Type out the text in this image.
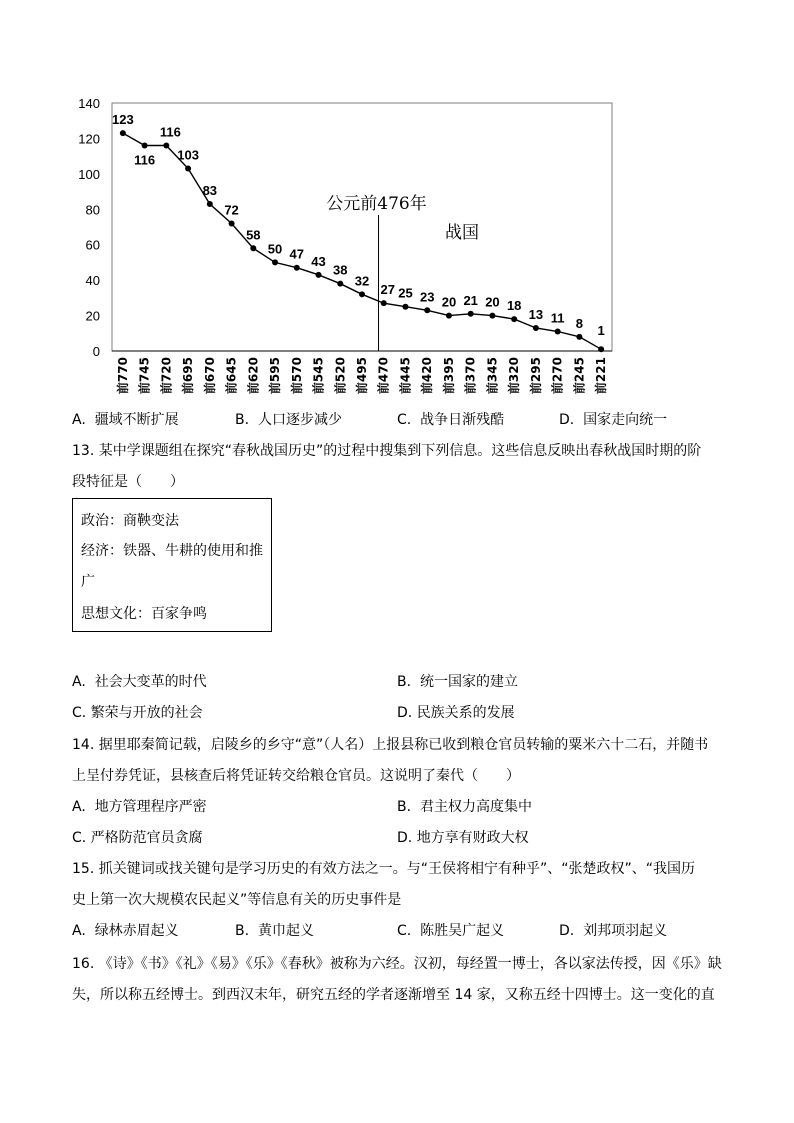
123
116
116
103
83
72
58
50 47 43
38
32
27 25 23 20 21 20 18
13 11 8 1
前770 前745 前720 前695 前670 前645 前620 前595 前570 前545 前520 前495 前470 前445 前420 前395 前370 前345 前320 前295 前270 前245 前221
0
20
40
60
80
100
120
140
公元前476年
战国
A. 疆域不断扩展	B. 人口逐步减少	C. 战争日渐残酷	D. 国家走向统一
13. 某中学课题组在探究“春秋战国历史”的过程中搜集到下列信息。这些信息反映出春秋战国时期的阶
段特征是（　　）
政治：商鞅变法
经济：铁器、牛耕的使用和推
广
思想文化：百家争鸣
A. 社会大变革的时代	B. 统一国家的建立
C. 繁荣与开放的社会	D. 民族关系的发展
14. 据里耶秦简记载，启陵乡的乡守“意”（人名）上报县称已收到粮仓官员转输的粟米六十二石，并随书
上呈付券凭证，县核查后将凭证转交给粮仓官员。这说明了秦代（　　）
A. 地方管理程序严密	B. 君主权力高度集中
C. 严格防范官员贪腐	D. 地方享有财政大权
15. 抓关键词或找关键句是学习历史的有效方法之一。与“王侯将相宁有种乎”、“张楚政权”、“我国历
史上第一次大规模农民起义”等信息有关的历史事件是
A. 绿林赤眉起义	B. 黄巾起义	C. 陈胜吴广起义	D. 刘邦项羽起义
16. 《诗》《书》《礼》《易》《乐》《春秋》被称为六经。汉初，每经置一博士，各以家法传授，因《乐》缺
失，所以称五经博士。到西汉末年，研究五经的学者逐渐增至 14 家，又称五经十四博士。这一变化的直
